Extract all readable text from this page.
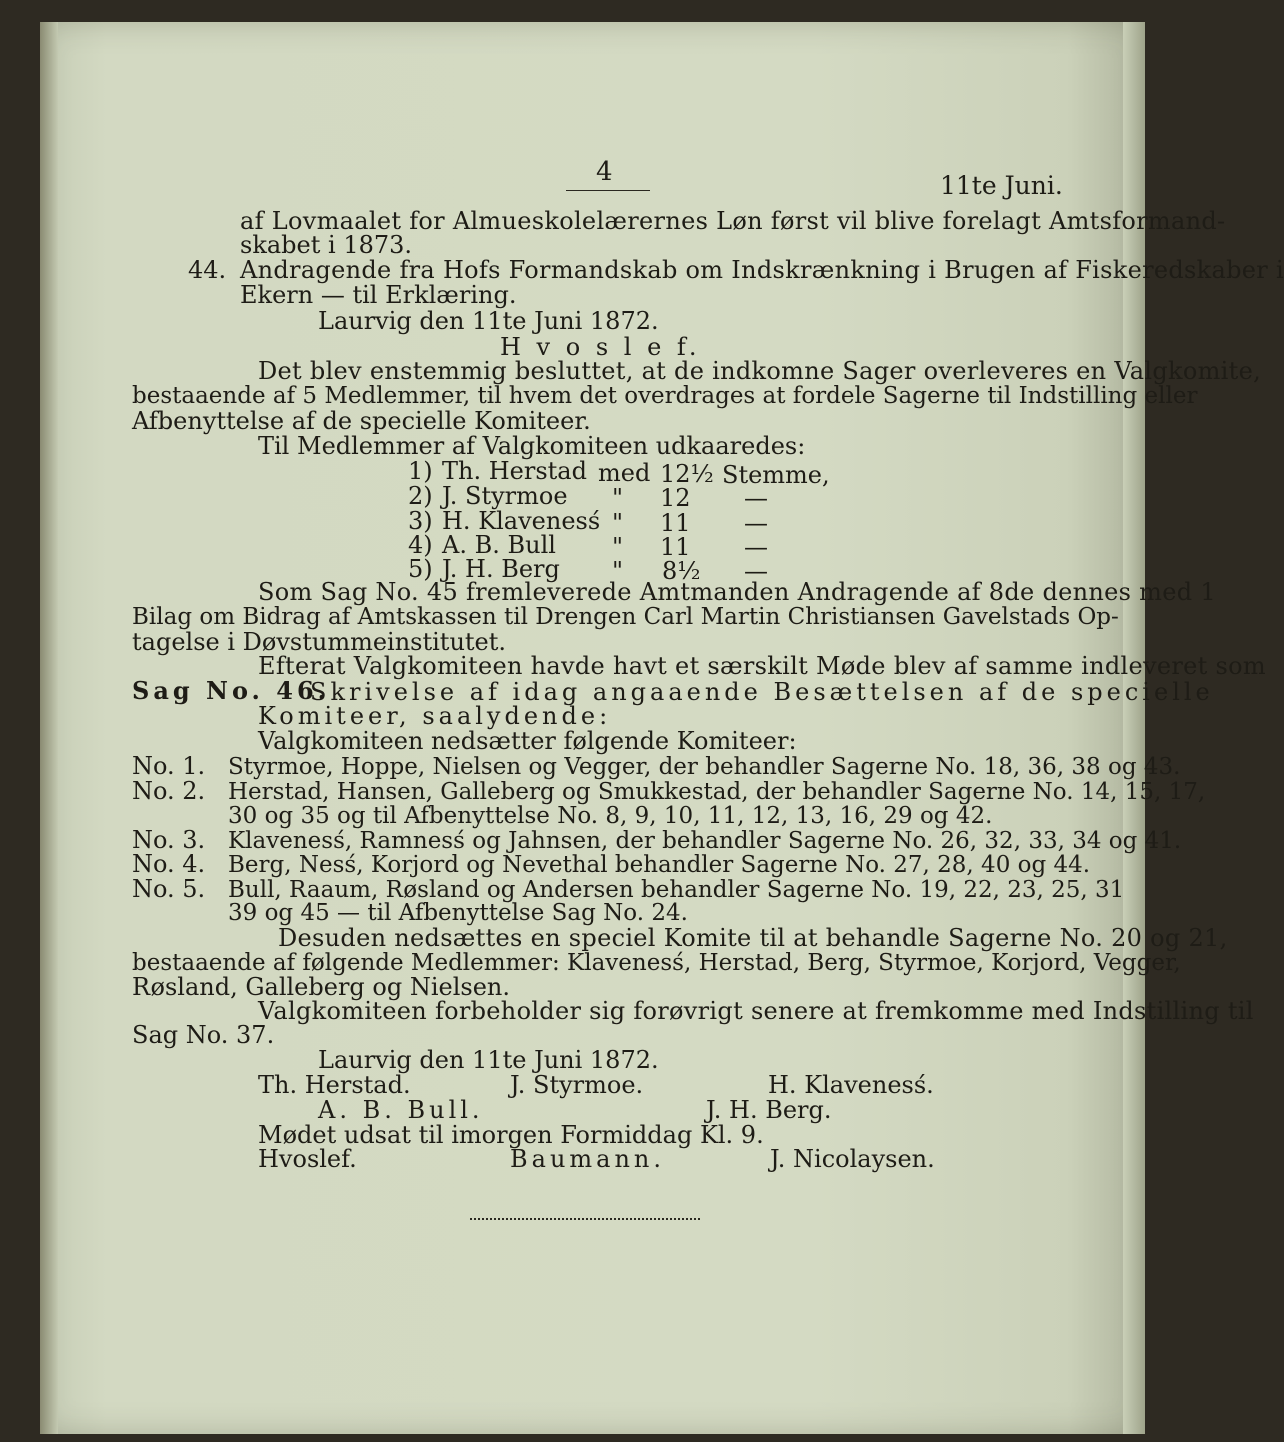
4	11te Juni.
af Lovmaalet for Almueskolelærernes Løn først vil blive forelagt Amtsformand-
skabet i 1873.
44. Andragende fra Hofs Formandskab om Indskrænkning i Brugen af Fiskeredskaber i
Ekern — til Erklæring.
Laurvig den 11te Juni 1872.
H v o s l e f.
Det blev enstemmig besluttet, at de indkomne Sager overleveres en Valgkomite,
bestaaende af 5 Medlemmer, til hvem det overdrages at fordele Sagerne til Indstilling eller
Afbenyttelse af de specielle Komiteer.
Til Medlemmer af Valgkomiteen udkaaredes:
1) Th. Herstad med 12½ Stemme,
2) J. Styrmoe " 12 —
3) H. Klavenesś " 11 —
4) A. B. Bull " 11 —
5) J. H. Berg " 8½ —
Som Sag No. 45 fremleverede Amtmanden Andragende af 8de dennes med 1
Bilag om Bidrag af Amtskassen til Drengen Carl Martin Christiansen Gavelstads Op-
tagelse i Døvstummeinstitutet.
Efterat Valgkomiteen havde havt et særskilt Møde blev af samme indleveret som
Sag No. 46.
Skrivelse af idag angaaende Besættelsen af de specielle
Komiteer, saalydende:
Valgkomiteen nedsætter følgende Komiteer:
No. 1. Styrmoe, Hoppe, Nielsen og Vegger, der behandler Sagerne No. 18, 36, 38 og 43.
No. 2. Herstad, Hansen, Galleberg og Smukkestad, der behandler Sagerne No. 14, 15, 17,
30 og 35 og til Afbenyttelse No. 8, 9, 10, 11, 12, 13, 16, 29 og 42.
No. 3. Klavenesś, Ramnesś og Jahnsen, der behandler Sagerne No. 26, 32, 33, 34 og 41.
No. 4. Berg, Nesś, Korjord og Nevethal behandler Sagerne No. 27, 28, 40 og 44.
No. 5. Bull, Raaum, Røsland og Andersen behandler Sagerne No. 19, 22, 23, 25, 31
39 og 45 — til Afbenyttelse Sag No. 24.
Desuden nedsættes en speciel Komite til at behandle Sagerne No. 20 og 21,
bestaaende af følgende Medlemmer: Klavenesś, Herstad, Berg, Styrmoe, Korjord, Vegger,
Røsland, Galleberg og Nielsen.
Valgkomiteen forbeholder sig forøvrigt senere at fremkomme med Indstilling til
Sag No. 37.
Laurvig den 11te Juni 1872.
Th. Herstad.	J. Styrmoe.	H. Klavenesś.
A. B. Bull.	J. H. Berg.
Mødet udsat til imorgen Formiddag Kl. 9.
Hvoslef.	Baumann.	J. Nicolaysen.
